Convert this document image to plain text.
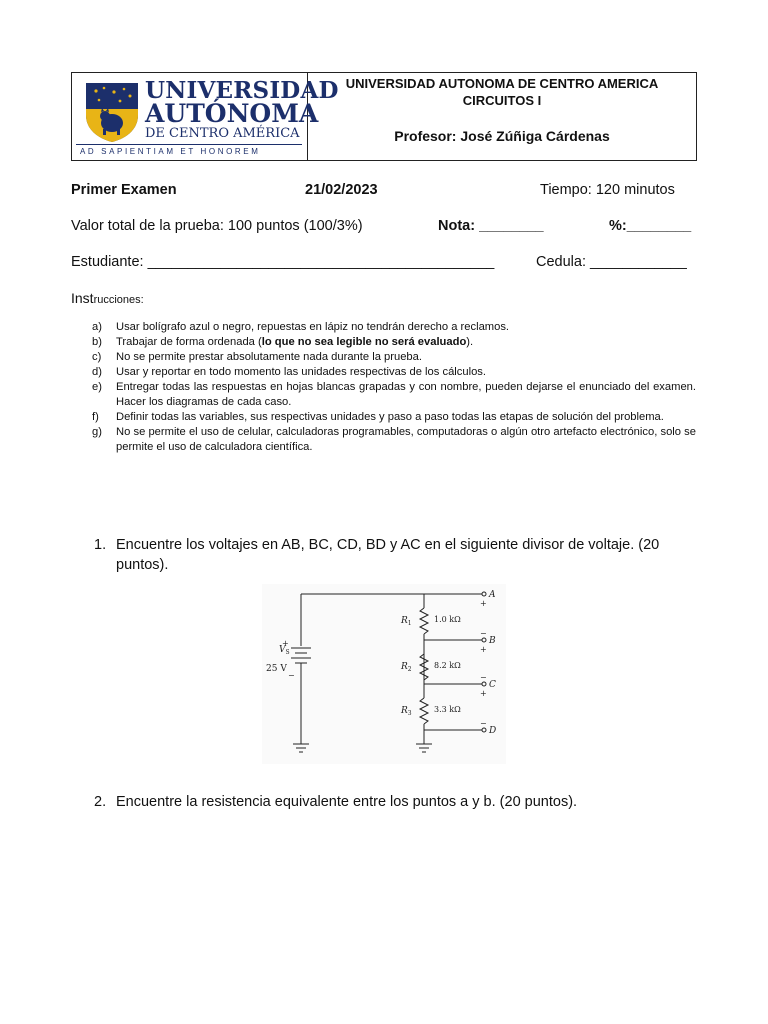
UNIVERSIDAD
AUTÓNOMA
DE CENTRO AMÉRICA
AD SAPIENTIAM ET HONOREM
UNIVERSIDAD AUTONOMA DE CENTRO AMERICA
CIRCUITOS I
Profesor: José Zúñiga Cárdenas
Primer Examen	21/02/2023	Tiempo: 120 minutos
Valor total de la prueba: 100 puntos (100/3%)	Nota: ________	%:________
Estudiante: ___________________________________________	Cedula: ____________
Instrucciones:
a) Usar bolígrafo azul o negro, repuestas en lápiz no tendrán derecho a reclamos.
b) Trabajar de forma ordenada (lo que no sea legible no será evaluado).
c) No se permite prestar absolutamente nada durante la prueba.
d) Usar y reportar en todo momento las unidades respectivas de los cálculos.
e) Entregar todas las respuestas en hojas blancas grapadas y con nombre, pueden dejarse el enunciado del examen. Hacer los diagramas de cada caso.
f) Definir todas las variables, sus respectivas unidades y paso a paso todas las etapas de solución del problema.
g) No se permite el uso de celular, calculadoras programables, computadoras o algún otro artefacto electrónico, solo se permite el uso de calculadora científica.
1. Encuentre los voltajes en AB, BC, CD, BD y AC en el siguiente divisor de voltaje. (20 puntos).
$V_S$
+
25 V
−
$R_1$	1.0 kΩ
$R_2$	8.2 kΩ
$R_3$	3.3 kΩ
A
+
−
B
+
−
C
+
−
D
2. Encuentre la resistencia equivalente entre los puntos a y b. (20 puntos).
